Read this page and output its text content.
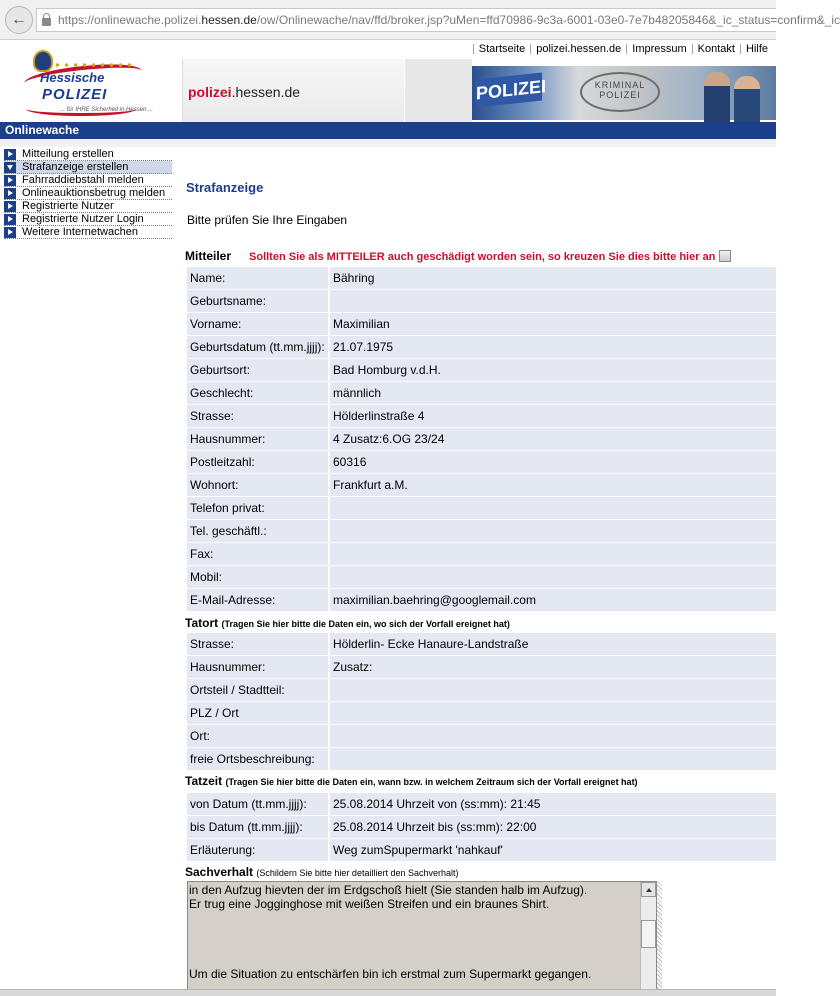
←	https://onlinewache.polizei.hessen.de/ow/Onlinewache/nav/ffd/broker.jsp?uMen=ffd70986-9c3a-6001-03e0-7e7b48205846&_ic_status=confirm&_ic
Startseite polizei.hessen.de Impressum Kontakt Hilfe
Hessische
POLIZEI
... für IHRE Sicherheit in Hessen ...
polizei.hessen.de	POLIZEI	KRIMINAL POLIZEI
Onlinewache
Mitteilung erstellen
Strafanzeige erstellen
Fahrraddiebstahl melden
Onlineauktionsbetrug melden
Registrierte Nutzer
Registrierte Nutzer Login
Weitere Internetwachen
Strafanzeige
Bitte prüfen Sie Ihre Eingaben
Mitteiler Sollten Sie als MITTEILER auch geschädigt worden sein, so kreuzen Sie dies bitte hier an
Name:	Bähring
Geburtsname:	
Vorname:	Maximilian
Geburtsdatum (tt.mm.jjjj):	21.07.1975
Geburtsort:	Bad Homburg v.d.H.
Geschlecht:	männlich
Strasse:	Hölderlinstraße 4
Hausnummer:	4 Zusatz:6.OG 23/24
Postleitzahl:	60316
Wohnort:	Frankfurt a.M.
Telefon privat:	
Tel. geschäftl.:	
Fax:	
Mobil:	
E-Mail-Adresse:	maximilian.baehring@googlemail.com
Tatort (Tragen Sie hier bitte die Daten ein, wo sich der Vorfall ereignet hat)
Strasse:	Hölderlin- Ecke Hanaure-Landstraße
Hausnummer:	Zusatz:
Ortsteil / Stadtteil:	
PLZ / Ort	
Ort:	
freie Ortsbeschreibung:	
Tatzeit (Tragen Sie hier bitte die Daten ein, wann bzw. in welchem Zeitraum sich der Vorfall ereignet hat)
von Datum (tt.mm.jjjj):	25.08.2014 Uhrzeit von (ss:mm): 21:45
bis Datum (tt.mm.jjjj):	25.08.2014 Uhrzeit bis (ss:mm): 22:00
Erläuterung:	Weg zumSpupermarkt 'nahkauf'
Sachverhalt (Schildern Sie bitte hier detailliert den Sachverhalt)
in den Aufzug hievten der im Erdgschoß hielt (Sie standen halb im Aufzug).
Er trug eine Jogginghose mit weißen Streifen und ein braunes Shirt.
Um die Situation zu entschärfen bin ich erstmal zum Supermarkt gegangen.
